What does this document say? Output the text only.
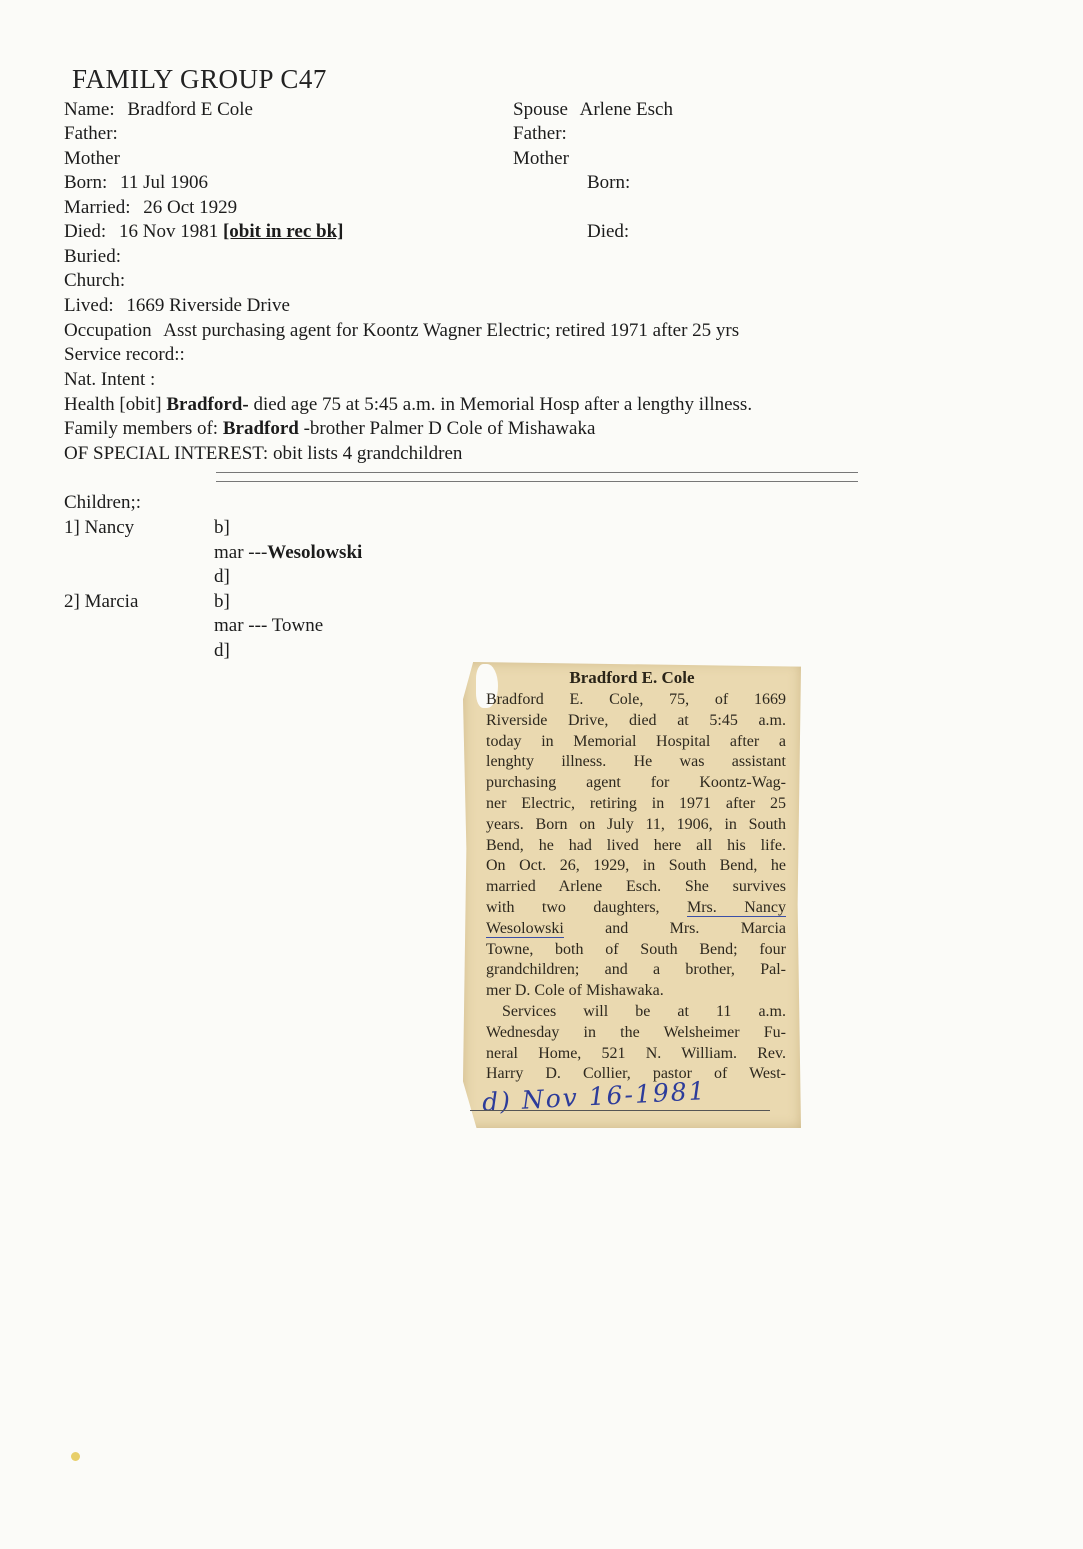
FAMILY GROUP C47
Name: Bradford E Cole
Father:
Mother
Born: 11 Jul 1906
Married: 26 Oct 1929
Died: 16 Nov 1981 [obit in rec bk]
Buried:
Church:
Lived: 1669 Riverside Drive
Occupation Asst purchasing agent for Koontz Wagner Electric; retired 1971 after 25 yrs
Service record::
Nat. Intent :
Health [obit] Bradford- died age 75 at 5:45 a.m. in Memorial Hosp after a lengthy illness.
Family members of: Bradford -brother Palmer D Cole of Mishawaka
OF SPECIAL INTEREST: obit lists 4 grandchildren
Spouse Arlene Esch
Father:
Mother
Born:
Died:
Children;:
1] Nancy	b]
mar ---Wesolowski
d]
2] Marcia	b]
mar --- Towne
d]
Bradford E. Cole
Bradford E. Cole, 75, of 1669
Riverside Drive, died at 5:45 a.m.
today in Memorial Hospital after a
lenghty illness. He was assistant
purchasing agent for Koontz-Wag-
ner Electric, retiring in 1971 after 25
years. Born on July 11, 1906, in South
Bend, he had lived here all his life.
On Oct. 26, 1929, in South Bend, he
married Arlene Esch. She survives
with two daughters, Mrs. Nancy
Wesolowski	and Mrs. Marcia
Towne, both of South Bend; four
grandchildren; and a brother, Pal-
mer D. Cole of Mishawaka.
Services will be at 11 a.m.
Wednesday in the Welsheimer Fu-
neral Home, 521 N. William. Rev.
Harry D. Collier, pastor of West-
d) Nov 16-1981
